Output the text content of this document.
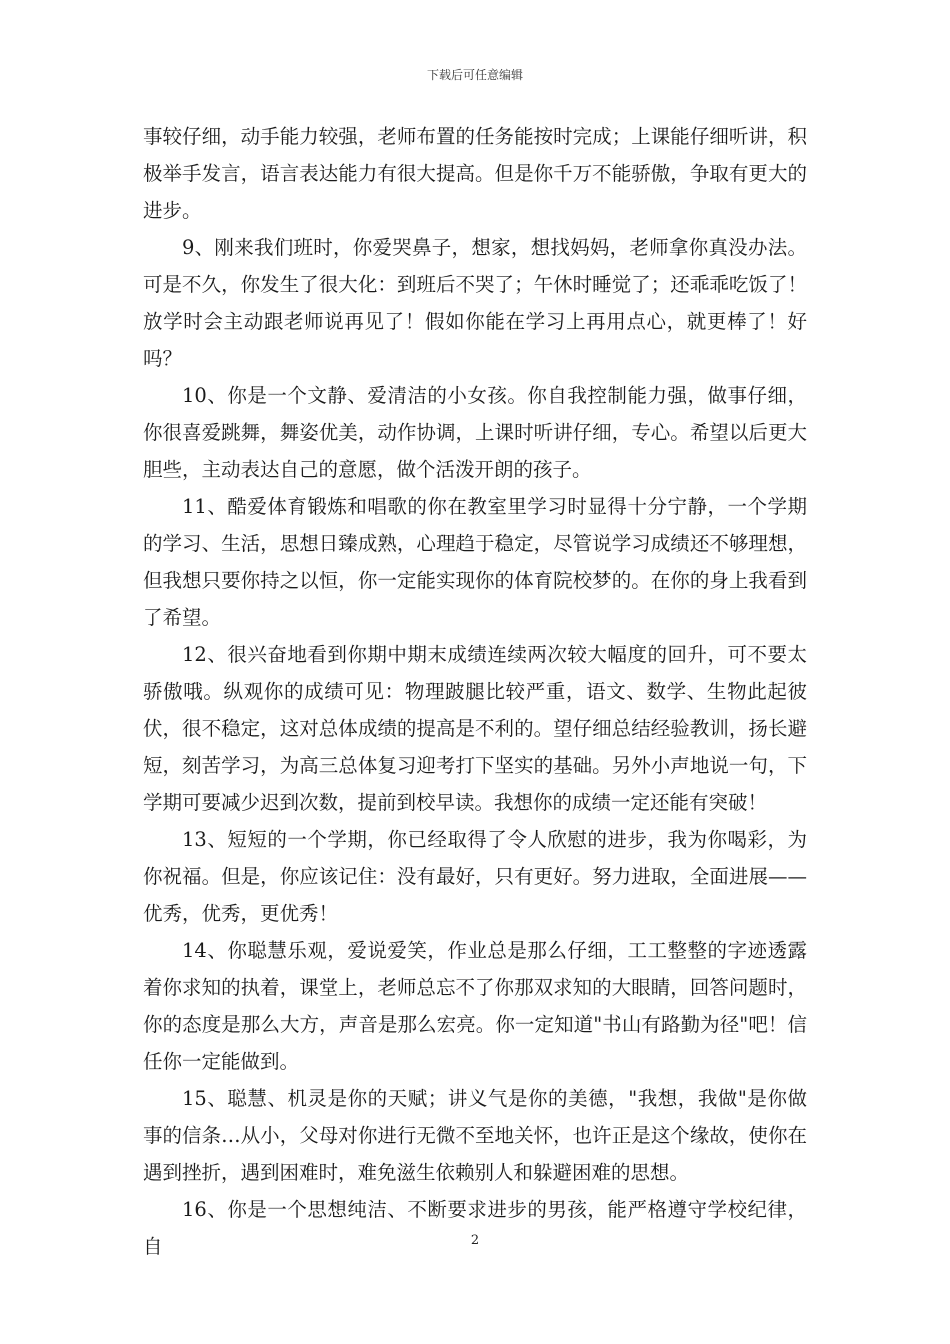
下载后可任意编辑

事较仔细，动手能力较强，老师布置的任务能按时完成；上课能仔细听讲，积极举手发言，语言表达能力有很大提高。但是你千万不能骄傲，争取有更大的进步。

9、刚来我们班时，你爱哭鼻子，想家，想找妈妈，老师拿你真没办法。可是不久，你发生了很大化：到班后不哭了；午休时睡觉了；还乖乖吃饭了！放学时会主动跟老师说再见了！假如你能在学习上再用点心，就更棒了！好吗？

10、你是一个文静、爱清洁的小女孩。你自我控制能力强，做事仔细，你很喜爱跳舞，舞姿优美，动作协调，上课时听讲仔细，专心。希望以后更大胆些，主动表达自己的意愿，做个活泼开朗的孩子。

11、酷爱体育锻炼和唱歌的你在教室里学习时显得十分宁静，一个学期的学习、生活，思想日臻成熟，心理趋于稳定，尽管说学习成绩还不够理想，但我想只要你持之以恒，你一定能实现你的体育院校梦的。在你的身上我看到了希望。

12、很兴奋地看到你期中期末成绩连续两次较大幅度的回升，可不要太骄傲哦。纵观你的成绩可见：物理跛腿比较严重，语文、数学、生物此起彼伏，很不稳定，这对总体成绩的提高是不利的。望仔细总结经验教训，扬长避短，刻苦学习，为高三总体复习迎考打下坚实的基础。另外小声地说一句，下学期可要减少迟到次数，提前到校早读。我想你的成绩一定还能有突破！

13、短短的一个学期，你已经取得了令人欣慰的进步，我为你喝彩，为你祝福。但是，你应该记住：没有最好，只有更好。努力进取，全面进展——优秀，优秀，更优秀！

14、你聪慧乐观，爱说爱笑，作业总是那么仔细，工工整整的字迹透露着你求知的执着，课堂上，老师总忘不了你那双求知的大眼睛，回答问题时，你的态度是那么大方，声音是那么宏亮。你一定知道"书山有路勤为径"吧！信任你一定能做到。

15、聪慧、机灵是你的天赋；讲义气是你的美德，"我想，我做"是你做事的信条…从小，父母对你进行无微不至地关怀，也许正是这个缘故，使你在遇到挫折，遇到困难时，难免滋生依赖别人和躲避困难的思想。

16、你是一个思想纯洁、不断要求进步的男孩，能严格遵守学校纪律，自	2
